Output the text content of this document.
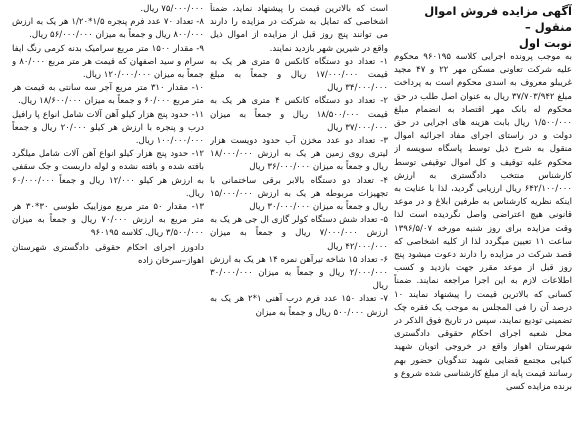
آگهی مزایده فروش اموال منقول –
نوبت اول

به موجب پرونده اجرایی کلاسه ۹۶۰۱۹۵ محکوم علیه شرکت تعاونی مسکن مهر ۲۲ و ۴۷ مجید غریبلو معروف به اسدی محکوم است به پرداخت مبلغ ۳۷/۷۰۳/۹۴۲ ریال به عنوان اصل طلب در حق محکوم له بانک مهر اقتصاد به انضمام مبلغ ۱/۵۰۰/۰۰۰ ریال بابت هزینه های اجرایی در حق دولت و در راستای اجرای مفاد اجرائیه اموال منقول به شرح ذیل توسط پاسگاه سویسه از محکوم علیه توقیف و کل اموال توقیفی توسط کارشناس منتخب دادگستری به ارزش ۶۴۲/۱۰۰/۰۰۰ ریال ارزیابی گردید، لذا با عنایت به اینکه نظریه کارشناس به طرفین ابلاغ و در موعد قانونی هیچ اعتراضی واصل نگردیده است لذا وقت مزایده برای روز شنبه مورخه ۱۳۹۶/۵/۰۷ ساعت ۱۱ تعیین میگردد لذا از کلیه اشخاصی که قصد شرکت در مزایده را دارند دعوت میشود پنج روز قبل از موعد مقرر جهت بازدید و کسب اطلاعات لازم به این اجرا مراجعه نمایند. ضمناً کسانی که بالاترین قیمت را پیشنهاد نمایند ۱۰ درصد آن را فی المجلس به موجب یک فقره چک تضمینی تودیع نمایند، سپس در تاریخ فوق الذکر در محل شعبه اجرای احکام حقوقی دادگستری شهرستان اهواز واقع در خروجی اتوبان شهید کنیایی مجتمع قضایی شهید تندگویان حضور بهم رسانند قیمت پایه از مبلغ کارشناسی شده شروع و برنده مزایده کسی

است که بالاترین قیمت را پیشنهاد نماید، ضمناً اشخاصی که تمایل به شرکت در مزایده را دارند می توانند پنج روز قبل از مزایده از اموال ذیل واقع در شیرین شهر بازدید نمایند.

۱- تعداد دو دستگاه کانکس ۵ متری هر یک به قیمت ۱۷/۰۰۰/۰۰۰ ریال و جمعاً به مبلغ ۳۴/۰۰۰/۰۰۰ ریال

۲- تعداد دو دستگاه کانکس ۴ متری هر یک به قیمت ۱۸/۵۰۰/۰۰۰ ریال و جمعاً به میزان ۳۷/۰۰۰/۰۰۰ ریال

۳- تعداد دو عدد مخزن آب حدود دویست هزار لیتری روی زمین هر یک به ارزش ۱۸/۰۰۰/۰۰۰ ریال و جمعاً به میزان ۳۶/۰۰۰/۰۰۰ ریال

۴- تعداد دو دستگاه بالابر برقی ساختمانی با تجهیزات مربوطه هر یک به ارزش ۱۵/۰۰۰/۰۰۰ ریال و جمعاً به میزان ۳۰/۰۰۰/۰۰۰ ریال

۵- تعداد شش دستگاه کولر گازی ال جی هر یک به ارزش ۷/۰۰۰/۰۰۰ ریال و جمعاً به میزان ۴۲/۰۰۰/۰۰۰ ریال

۶- تعداد ۱۵ شاخه تیرآهن نمره ۱۴ هر یک به ارزش ۲/۰۰۰/۰۰۰ ریال و جمعاً به میزان ۳۰/۰۰۰/۰۰۰ ریال

۷- تعداد ۱۵۰ عدد فرم درب آهنی ۱*۲ هر یک به ارزش ۵۰۰/۰۰۰ ریال و جمعاً به میزان

۷۵/۰۰۰/۰۰۰ ریال.

۸- تعداد ۷۰ عدد فرم پنجره ۱/۵*۱/۲۰ هر یک به ارزش ۸۰۰/۰۰۰ ریال و جمعاً به میزان ۵۶/۰۰۰/۰۰۰ ریال.

۹- مقدار ۱۵۰۰ متر مربع سرامیک بدنه کرمی رنگ ایفا سرام و سید اصفهان که قیمت هر متر مربع ۸۰/۰۰۰ و جمعاً به میزان ۱۲۰/۰۰۰/۰۰۰ ریال.

۱۰- مقدار ۳۱۰ متر مربع آجر سه سانتی به قیمت هر متر مربع ۶۰/۰۰۰ و جمعاً به میزان ۱۸/۶۰۰/۰۰۰ ریال.

۱۱- حدود پنج هزار کیلو آهن آلات شامل انواع پا رافیل درب و پنجره با ارزش هر کیلو ۲۰/۰۰۰ ریال و جمعاً ۱۰۰/۰۰۰/۰۰۰ ریال.

۱۲- حدود پنج هزار کیلو انواع آهن آلات شامل میلگرد بافته شده و بافته نشده و لوله داربست و جک سقفی به ارزش هر کیلو ۱۲/۰۰۰ ریال و جمعاً ۶۰/۰۰۰/۰۰۰ ریال.

۱۳- مقدار ۵۰ متر مربع موزاییک طوسی ۳۰*۳۰ هر متر مربع به ارزش ۷۰/۰۰۰ ریال و جمعاً به میزان ۳/۵۰۰/۰۰۰ ریال. کلاسه ۹۶۰۱۹۵

دادورز اجرای احکام حقوقی دادگستری شهرستان اهواز–سرخان زاده
